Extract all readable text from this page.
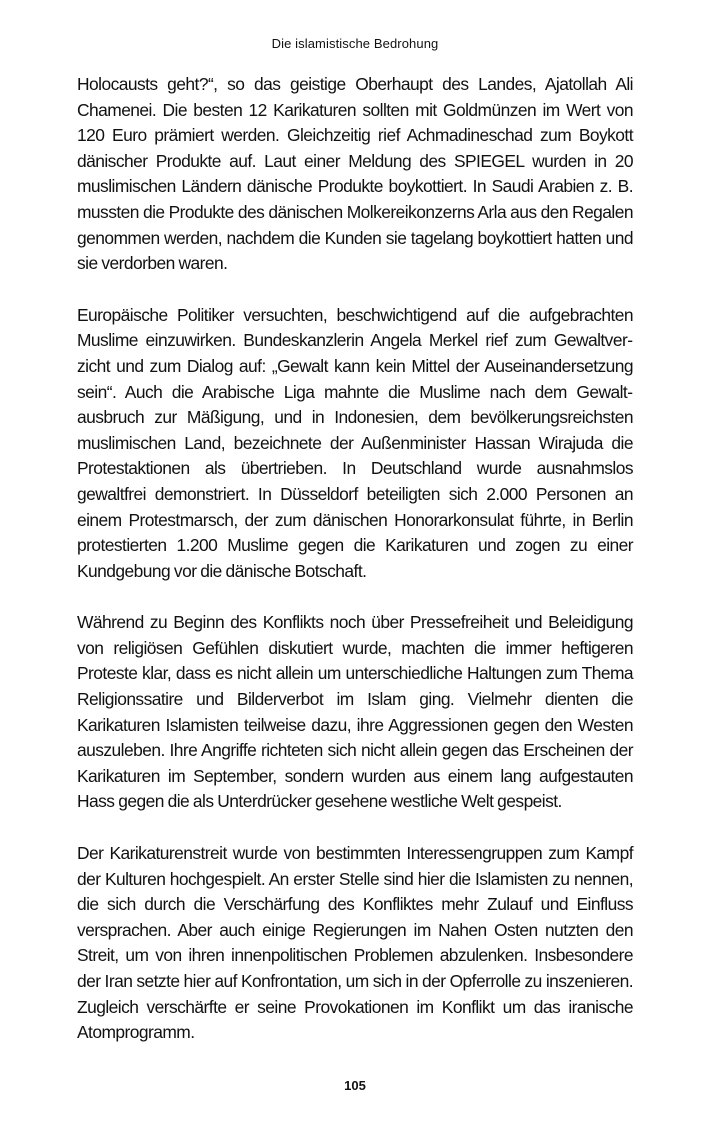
Die islamistische Bedrohung

Holocausts geht?“, so das geistige Oberhaupt des Landes, Ajatollah Ali Chamenei. Die besten 12 Karikaturen sollten mit Goldmünzen im Wert von 120 Euro prämiert werden. Gleichzeitig rief Achmadineschad zum Boykott dänischer Produkte auf. Laut einer Meldung des SPIEGEL wurden in 20 muslimischen Ländern dänische Produkte boykottiert. In Saudi Arabien z. B. mussten die Produkte des dänischen Molkereikonzerns Arla aus den Regalen genommen werden, nachdem die Kunden sie tagelang boykottiert hatten und sie verdorben waren.

Europäische Politiker versuchten, beschwichtigend auf die aufgebrachten Muslime einzuwirken. Bundeskanzlerin Angela Merkel rief zum Gewaltverzicht und zum Dialog auf: „Gewalt kann kein Mittel der Auseinandersetzung sein“. Auch die Arabische Liga mahnte die Muslime nach dem Gewaltausbruch zur Mäßigung, und in Indonesien, dem bevölkerungsreichsten muslimischen Land, bezeichnete der Außenminister Hassan Wirajuda die Protestaktionen als übertrieben. In Deutschland wurde ausnahmslos gewaltfrei demonstriert. In Düsseldorf beteiligten sich 2.000 Personen an einem Protestmarsch, der zum dänischen Honorarkonsulat führte, in Berlin protestierten 1.200 Muslime gegen die Karikaturen und zogen zu einer Kundgebung vor die dänische Botschaft.

Während zu Beginn des Konflikts noch über Pressefreiheit und Beleidigung von religiösen Gefühlen diskutiert wurde, machten die immer heftigeren Proteste klar, dass es nicht allein um unterschiedliche Haltungen zum Thema Religionssatire und Bilderverbot im Islam ging. Vielmehr dienten die Karikaturen Islamisten teilweise dazu, ihre Aggressionen gegen den Westen auszuleben. Ihre Angriffe richteten sich nicht allein gegen das Erscheinen der Karikaturen im September, sondern wurden aus einem lang aufgestauten Hass gegen die als Unterdrücker gesehene westliche Welt gespeist.

Der Karikaturenstreit wurde von bestimmten Interessengruppen zum Kampf der Kulturen hochgespielt. An erster Stelle sind hier die Islamisten zu nennen, die sich durch die Verschärfung des Konfliktes mehr Zulauf und Einfluss versprachen. Aber auch einige Regierungen im Nahen Osten nutzten den Streit, um von ihren innenpolitischen Problemen abzulenken. Insbesondere der Iran setzte hier auf Konfrontation, um sich in der Opferrolle zu inszenieren. Zugleich verschärfte er seine Provokationen im Konflikt um das iranische Atomprogramm.

105
